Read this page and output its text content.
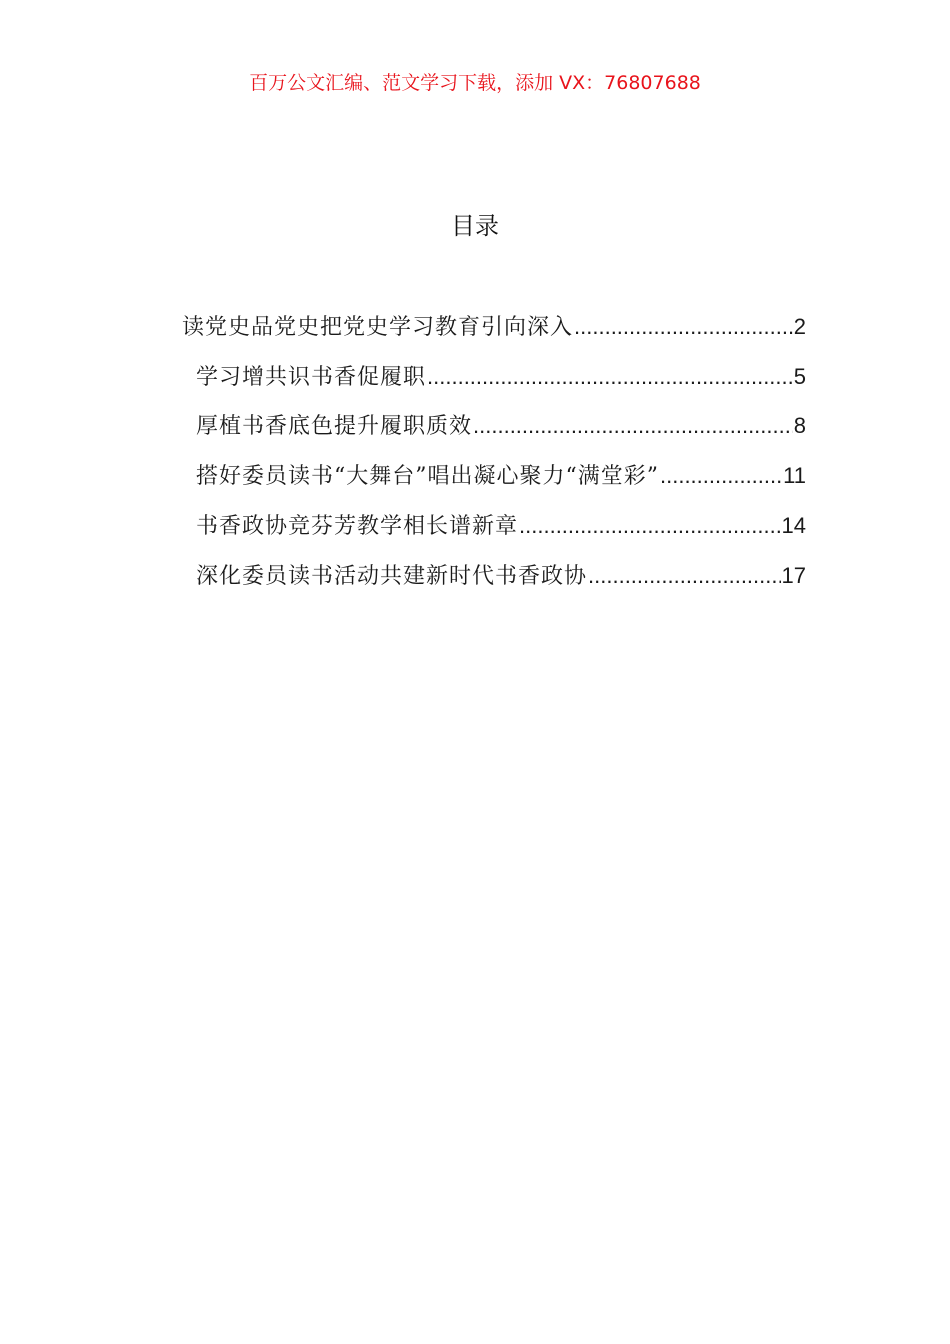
百万公文汇编、范文学习下载，添加 VX：76807688
目录
读党史品党史把党史学习教育引向深入 .....	2
学习增共识书香促履职 .....	5
厚植书香底色提升履职质效 .....	8
搭好委员读书“大舞台”唱出凝心聚力“满堂彩” .....	11
书香政协竞芬芳教学相长谱新章 .....	14
深化委员读书活动共建新时代书香政协 .....	17
